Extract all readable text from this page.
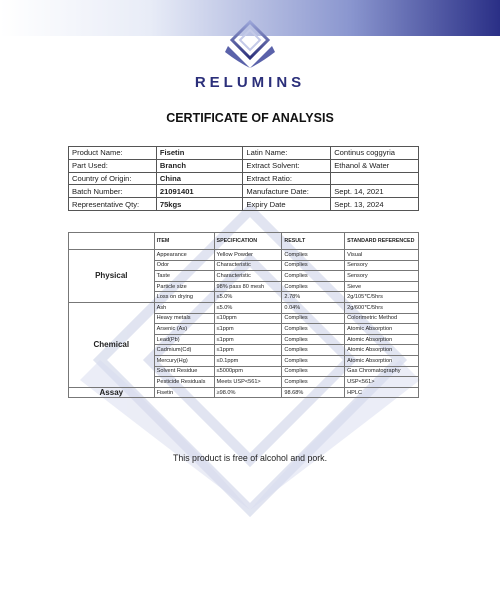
RELUMINS
CERTIFICATE OF ANALYSIS
Product Name:	Fisetin	Latin Name:	Continus coggyria
Part Used:	Branch	Extract Solvent:	Ethanol & Water
Country of Origin:	China	Extract Ratio:	
Batch Number:	21091401	Manufacture Date:	Sept. 14, 2021
Representative Qty:	75kgs	Expiry Date	Sept. 13, 2024
	ITEM	SPECIFICATION	RESULT	STANDARD REFERENCED
Physical	Appearance	Yellow Powder	Complies	Visual
	Odor	Characteristic	Complies	Sensory
	Taste	Characteristic	Complies	Sensory
	Particle size	98% pass 80 mesh	Complies	Sieve
	Loss on drying	≤5.0%	2.78%	2g/105℃/5hrs
Chemical	Ash	≤5.0%	0.04%	2g/600℃/5hrs
	Heavy metals	≤10ppm	Complies	Colorimetric Method
	Arsenic (As)	≤1ppm	Complies	Atomic Absorption
	Lead(Pb)	≤1ppm	Complies	Atomic Absorption
	Cadmium(Cd)	≤1ppm	Complies	Atomic Absorption
	Mercury(Hg)	≤0.1ppm	Complies	Atomic Absorption
	Solvent Residue	≤5000ppm	Complies	Gas Chromatography
	Pesticide Residuals	Meets USP<561>	Complies	USP<561>
Assay	Fisetin	≥98.0%	98.68%	HPLC
This product is free of alcohol and pork.
